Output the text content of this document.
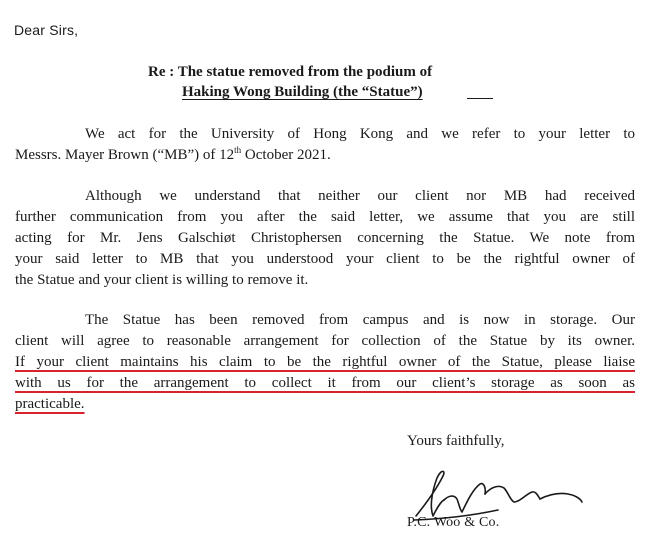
Dear Sirs,
Re : The statue removed from the podium of
Haking Wong Building (the “Statue”)
We act for the University of Hong Kong and we refer to your letter to
Messrs. Mayer Brown (“MB”) of 12th October 2021.
Although we understand that neither our client nor MB had received
further communication from you after the said letter, we assume that you are still
acting for Mr. Jens Galschiøt Christophersen concerning the Statue. We note from
your said letter to MB that you understood your client to be the rightful owner of
the Statue and your client is willing to remove it.
The Statue has been removed from campus and is now in storage. Our
client will agree to reasonable arrangement for collection of the Statue by its owner.
If your client maintains his claim to be the rightful owner of the Statue, please liaise
with us for the arrangement to collect it from our client’s storage as soon as
practicable.
Yours faithfully,
P.C. Woo & Co.
